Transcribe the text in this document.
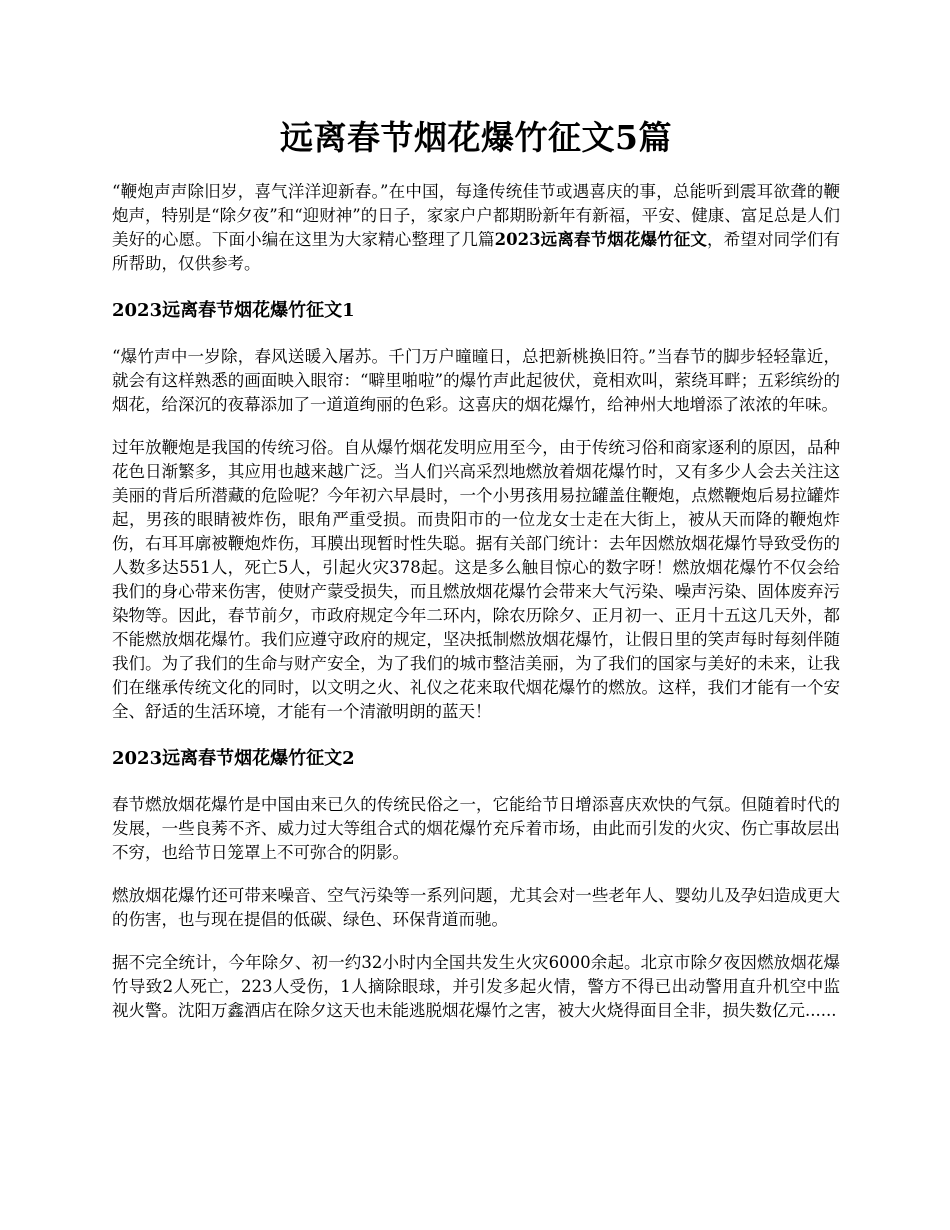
远离春节烟花爆竹征文5篇

“鞭炮声声除旧岁，喜气洋洋迎新春。”在中国，每逢传统佳节或遇喜庆的事，总能听到震耳欲聋的鞭炮声，特别是“除夕夜”和“迎财神”的日子，家家户户都期盼新年有新福，平安、健康、富足总是人们美好的心愿。下面小编在这里为大家精心整理了几篇2023远离春节烟花爆竹征文，希望对同学们有所帮助，仅供参考。

2023远离春节烟花爆竹征文1

“爆竹声中一岁除，春风送暖入屠苏。千门万户曈曈日，总把新桃换旧符。”当春节的脚步轻轻靠近，就会有这样熟悉的画面映入眼帘：“噼里啪啦”的爆竹声此起彼伏，竟相欢叫，萦绕耳畔；五彩缤纷的烟花，给深沉的夜幕添加了一道道绚丽的色彩。这喜庆的烟花爆竹，给神州大地增添了浓浓的年味。

过年放鞭炮是我国的传统习俗。自从爆竹烟花发明应用至今，由于传统习俗和商家逐利的原因，品种花色日渐繁多，其应用也越来越广泛。当人们兴高采烈地燃放着烟花爆竹时，又有多少人会去关注这美丽的背后所潜藏的危险呢？今年初六早晨时，一个小男孩用易拉罐盖住鞭炮，点燃鞭炮后易拉罐炸起，男孩的眼睛被炸伤，眼角严重受损。而贵阳市的一位龙女士走在大街上，被从天而降的鞭炮炸伤，右耳耳廓被鞭炮炸伤，耳膜出现暂时性失聪。据有关部门统计：去年因燃放烟花爆竹导致受伤的人数多达551人，死亡5人，引起火灾378起。这是多么触目惊心的数字呀！燃放烟花爆竹不仅会给我们的身心带来伤害，使财产蒙受损失，而且燃放烟花爆竹会带来大气污染、噪声污染、固体废弃污染物等。因此，春节前夕，市政府规定今年二环内，除农历除夕、正月初一、正月十五这几天外，都不能燃放烟花爆竹。我们应遵守政府的规定，坚决抵制燃放烟花爆竹，让假日里的笑声每时每刻伴随我们。为了我们的生命与财产安全，为了我们的城市整洁美丽，为了我们的国家与美好的未来，让我们在继承传统文化的同时，以文明之火、礼仪之花来取代烟花爆竹的燃放。这样，我们才能有一个安全、舒适的生活环境，才能有一个清澈明朗的蓝天！

2023远离春节烟花爆竹征文2

春节燃放烟花爆竹是中国由来已久的传统民俗之一，它能给节日增添喜庆欢快的气氛。但随着时代的发展，一些良莠不齐、威力过大等组合式的烟花爆竹充斥着市场，由此而引发的火灾、伤亡事故层出不穷，也给节日笼罩上不可弥合的阴影。

燃放烟花爆竹还可带来噪音、空气污染等一系列问题，尤其会对一些老年人、婴幼儿及孕妇造成更大的伤害，也与现在提倡的低碳、绿色、环保背道而驰。

据不完全统计，今年除夕、初一约32小时内全国共发生火灾6000余起。北京市除夕夜因燃放烟花爆竹导致2人死亡，223人受伤，1人摘除眼球，并引发多起火情，警方不得已出动警用直升机空中监视火警。沈阳万鑫酒店在除夕这天也未能逃脱烟花爆竹之害，被大火烧得面目全非，损失数亿元......
